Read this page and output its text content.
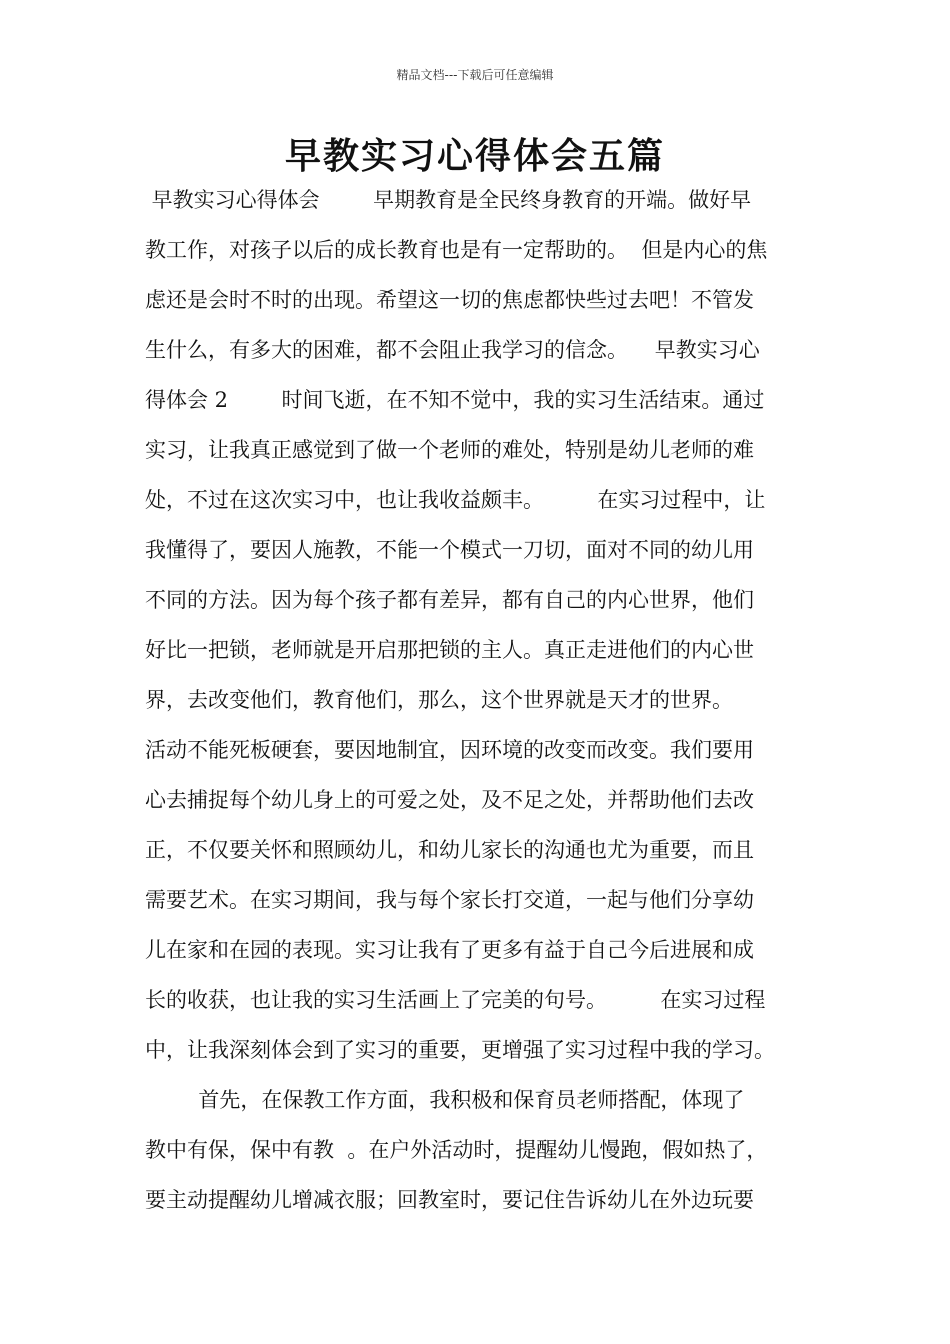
精品文档---下载后可任意编辑
早教实习心得体会五篇
早教实习心得体会        早期教育是全民终身教育的开端。做好早
教工作，对孩子以后的成长教育也是有一定帮助的。  但是内心的焦
虑还是会时不时的出现。希望这一切的焦虑都快些过去吧！不管发
生什么，有多大的困难，都不会阻止我学习的信念。    早教实习心
得体会 2        时间飞逝，在不知不觉中，我的实习生活结束。通过
实习，让我真正感觉到了做一个老师的难处，特别是幼儿老师的难
处，不过在这次实习中，也让我收益颇丰。        在实习过程中，让
我懂得了，要因人施教，不能一个模式一刀切，面对不同的幼儿用
不同的方法。因为每个孩子都有差异，都有自己的内心世界，他们
好比一把锁，老师就是开启那把锁的主人。真正走进他们的内心世
界，去改变他们，教育他们，那么，这个世界就是天才的世界。
活动不能死板硬套，要因地制宜，因环境的改变而改变。我们要用
心去捕捉每个幼儿身上的可爱之处，及不足之处，并帮助他们去改
正，不仅要关怀和照顾幼儿，和幼儿家长的沟通也尤为重要，而且
需要艺术。在实习期间，我与每个家长打交道，一起与他们分享幼
儿在家和在园的表现。实习让我有了更多有益于自己今后进展和成
长的收获，也让我的实习生活画上了完美的句号。        在实习过程
中，让我深刻体会到了实习的重要，更增强了实习过程中我的学习。
首先，在保教工作方面，我积极和保育员老师搭配，体现了
教中有保，保中有教  。在户外活动时，提醒幼儿慢跑，假如热了，
要主动提醒幼儿增减衣服；回教室时，要记住告诉幼儿在外边玩要
